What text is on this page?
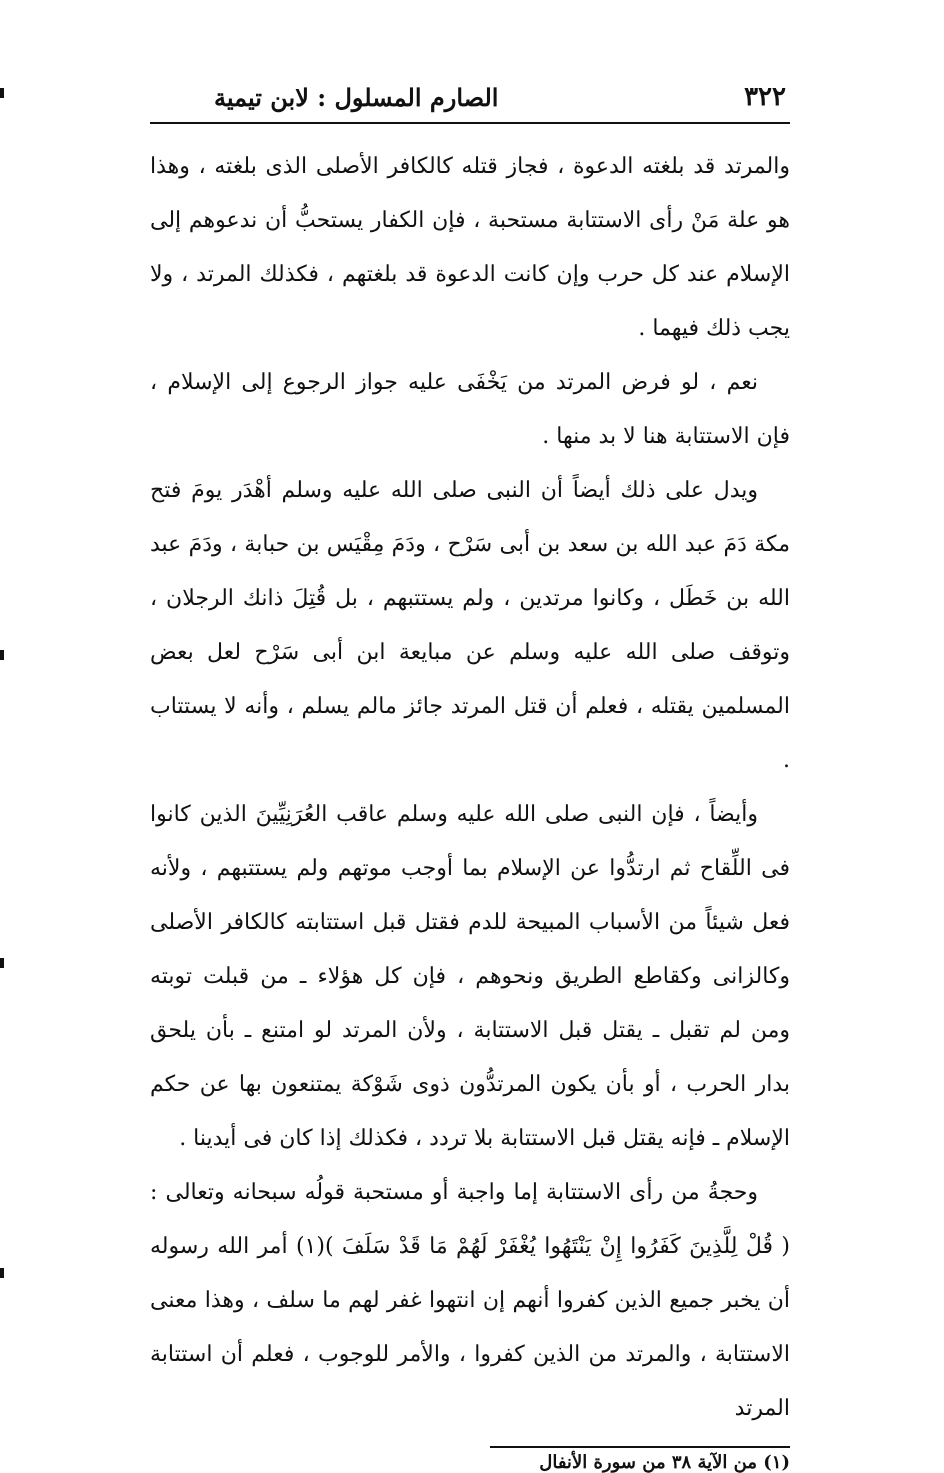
٣٢٢
الصارم المسلول : لابن تيمية

والمرتد قد بلغته الدعوة ، فجاز قتله كالكافر الأصلى الذى بلغته ، وهذا هو علة مَنْ رأى الاستتابة مستحبة ، فإن الكفار يستحبُّ أن ندعوهم إلى الإسلام عند كل حرب وإن كانت الدعوة قد بلغتهم ، فكذلك المرتد ، ولا يجب ذلك فيهما .

نعم ، لو فرض المرتد من يَخْفَى عليه جواز الرجوع إلى الإسلام ، فإن الاستتابة هنا لا بد منها .

ويدل على ذلك أيضاً أن النبى صلى الله عليه وسلم أهْدَر يومَ فتح مكة دَمَ عبد الله بن سعد بن أبى سَرْح ، ودَمَ مِقْيَس بن حبابة ، ودَمَ عبد الله بن خَطَل ، وكانوا مرتدين ، ولم يستتبهم ، بل قُتِلَ ذانك الرجلان ، وتوقف صلى الله عليه وسلم عن مبايعة ابن أبى سَرْح لعل بعض المسلمين يقتله ، فعلم أن قتل المرتد جائز مالم يسلم ، وأنه لا يستتاب .

وأيضاً ، فإن النبى صلى الله عليه وسلم عاقب العُرَنِيِّينَ الذين كانوا فى اللِّقاح ثم ارتدُّوا عن الإسلام بما أوجب موتهم ولم يستتبهم ، ولأنه فعل شيئاً من الأسباب المبيحة للدم فقتل قبل استتابته كالكافر الأصلى وكالزانى وكقاطع الطريق ونحوهم ، فإن كل هؤلاء ـ من قبلت توبته ومن لم تقبل ـ يقتل قبل الاستتابة ، ولأن المرتد لو امتنع ـ بأن يلحق بدار الحرب ، أو بأن يكون المرتدُّون ذوى شَوْكة يمتنعون بها عن حكم الإسلام ـ فإنه يقتل قبل الاستتابة بلا تردد ، فكذلك إذا كان فى أيدينا .

وحجةُ من رأى الاستتابة إما واجبة أو مستحبة قولُه سبحانه وتعالى : ( قُلْ لِلَّذِينَ كَفَرُوا إِنْ يَنْتَهُوا يُغْفَرْ لَهُمْ مَا قَدْ سَلَفَ )(١) أمر الله رسوله أن يخبر جميع الذين كفروا أنهم إن انتهوا غفر لهم ما سلف ، وهذا معنى الاستتابة ، والمرتد من الذين كفروا ، والأمر للوجوب ، فعلم أن استتابة المرتد

(١) من الآية ٣٨ من سورة الأنفال
